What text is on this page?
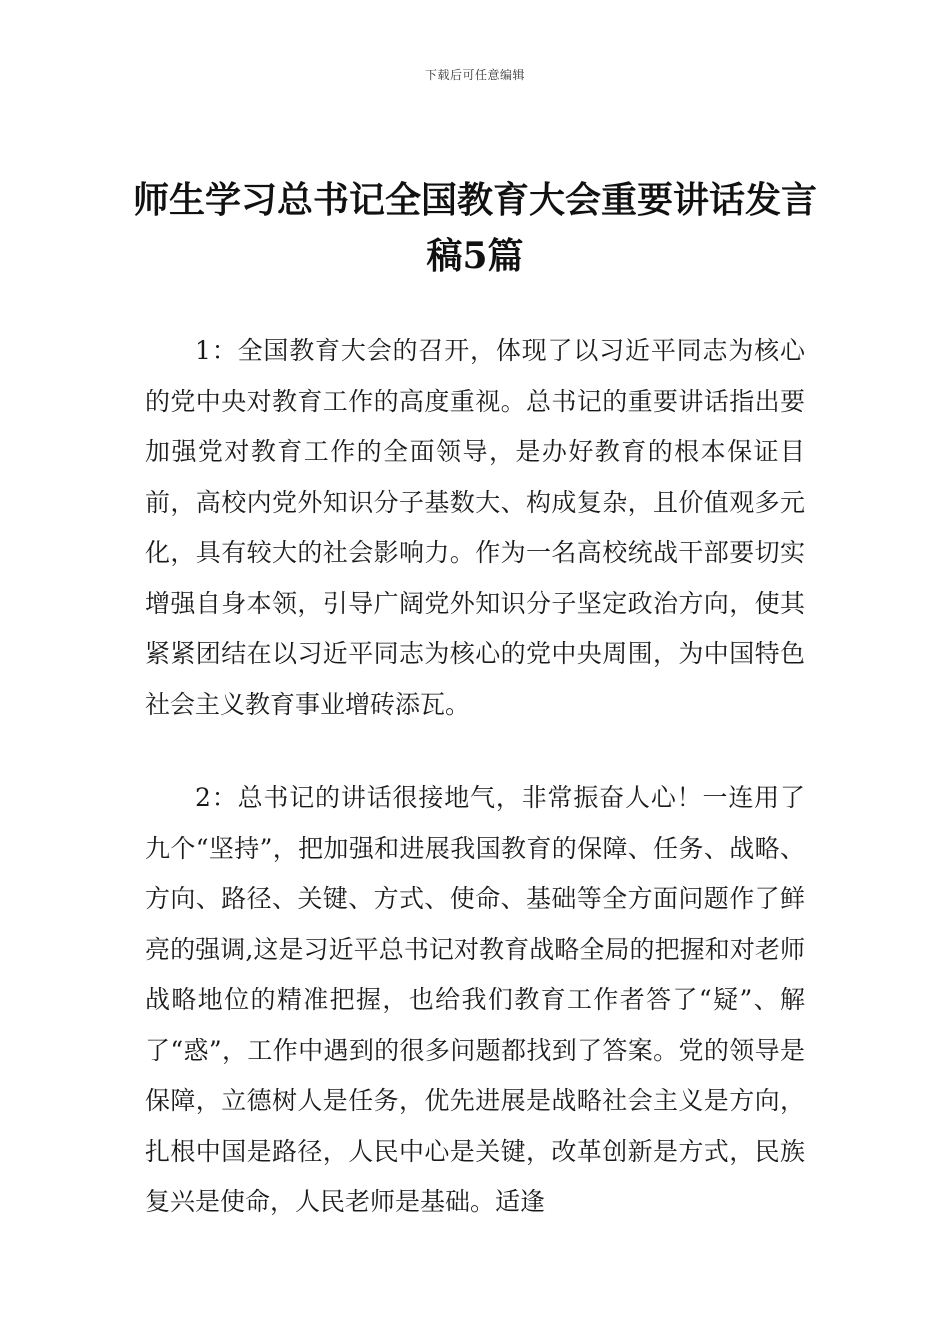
下载后可任意编辑
师生学习总书记全国教育大会重要讲话发言稿5篇

1：全国教育大会的召开，体现了以习近平同志为核心的党中央对教育工作的高度重视。总书记的重要讲话指出要加强党对教育工作的全面领导，是办好教育的根本保证目前，高校内党外知识分子基数大、构成复杂，且价值观多元化，具有较大的社会影响力。作为一名高校统战干部要切实增强自身本领，引导广阔党外知识分子坚定政治方向，使其紧紧团结在以习近平同志为核心的党中央周围，为中国特色社会主义教育事业增砖添瓦。

2：总书记的讲话很接地气，非常振奋人心！一连用了九个“坚持”，把加强和进展我国教育的保障、任务、战略、方向、路径、关键、方式、使命、基础等全方面问题作了鲜亮的强调,这是习近平总书记对教育战略全局的把握和对老师战略地位的精准把握，也给我们教育工作者答了“疑”、解了“惑”，工作中遇到的很多问题都找到了答案。党的领导是保障，立德树人是任务，优先进展是战略社会主义是方向，扎根中国是路径，人民中心是关键，改革创新是方式，民族复兴是使命，人民老师是基础。适逢
